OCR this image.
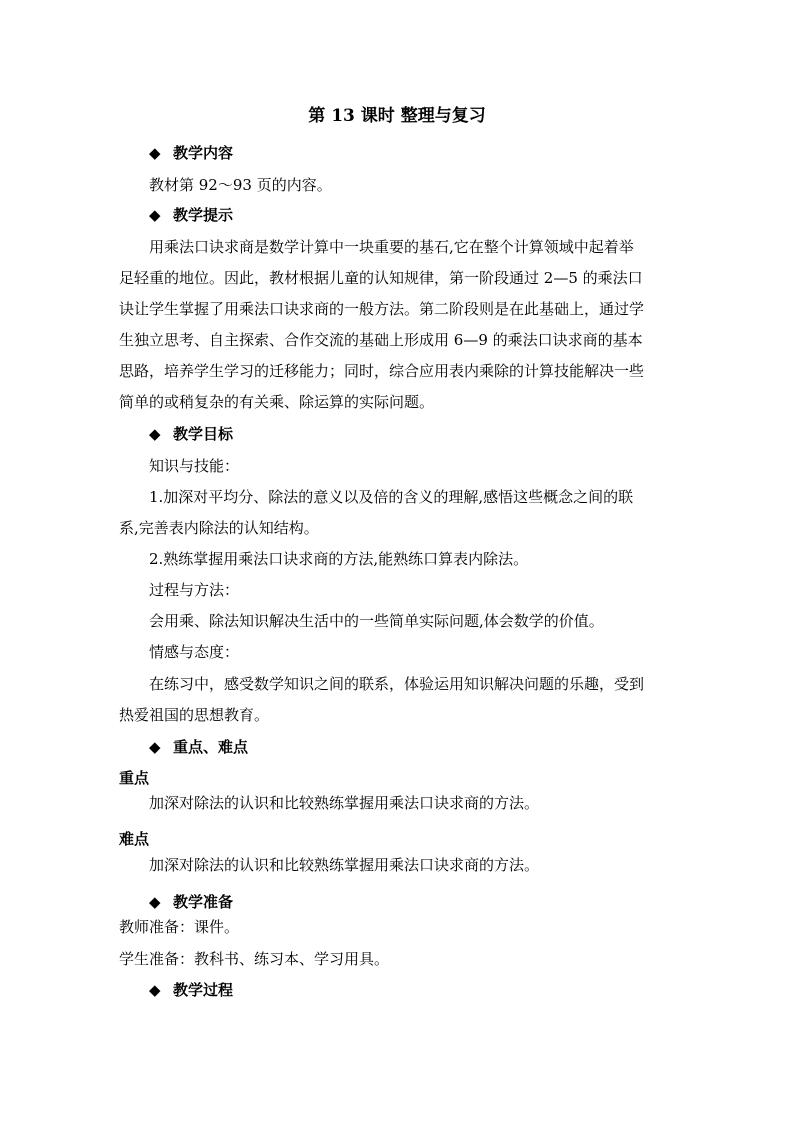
第 13 课时 整理与复习
◆ 教学内容
教材第 92～93 页的内容。
◆ 教学提示
用乘法口诀求商是数学计算中一块重要的基石,它在整个计算领域中起着举
足轻重的地位。因此，教材根据儿童的认知规律，第一阶段通过 2—5 的乘法口
诀让学生掌握了用乘法口诀求商的一般方法。第二阶段则是在此基础上，通过学
生独立思考、自主探索、合作交流的基础上形成用 6—9 的乘法口诀求商的基本
思路，培养学生学习的迁移能力；同时，综合应用表内乘除的计算技能解决一些
简单的或稍复杂的有关乘、除运算的实际问题。
◆ 教学目标
知识与技能：
1.加深对平均分、除法的意义以及倍的含义的理解,感悟这些概念之间的联
系,完善表内除法的认知结构。
2.熟练掌握用乘法口诀求商的方法,能熟练口算表内除法。
过程与方法：
会用乘、除法知识解决生活中的一些简单实际问题,体会数学的价值。
情感与态度：
在练习中，感受数学知识之间的联系，体验运用知识解决问题的乐趣，受到
热爱祖国的思想教育。
◆ 重点、难点
重点
加深对除法的认识和比较熟练掌握用乘法口诀求商的方法。
难点
加深对除法的认识和比较熟练掌握用乘法口诀求商的方法。
◆ 教学准备
教师准备：课件。
学生准备：教科书、练习本、学习用具。
◆ 教学过程
